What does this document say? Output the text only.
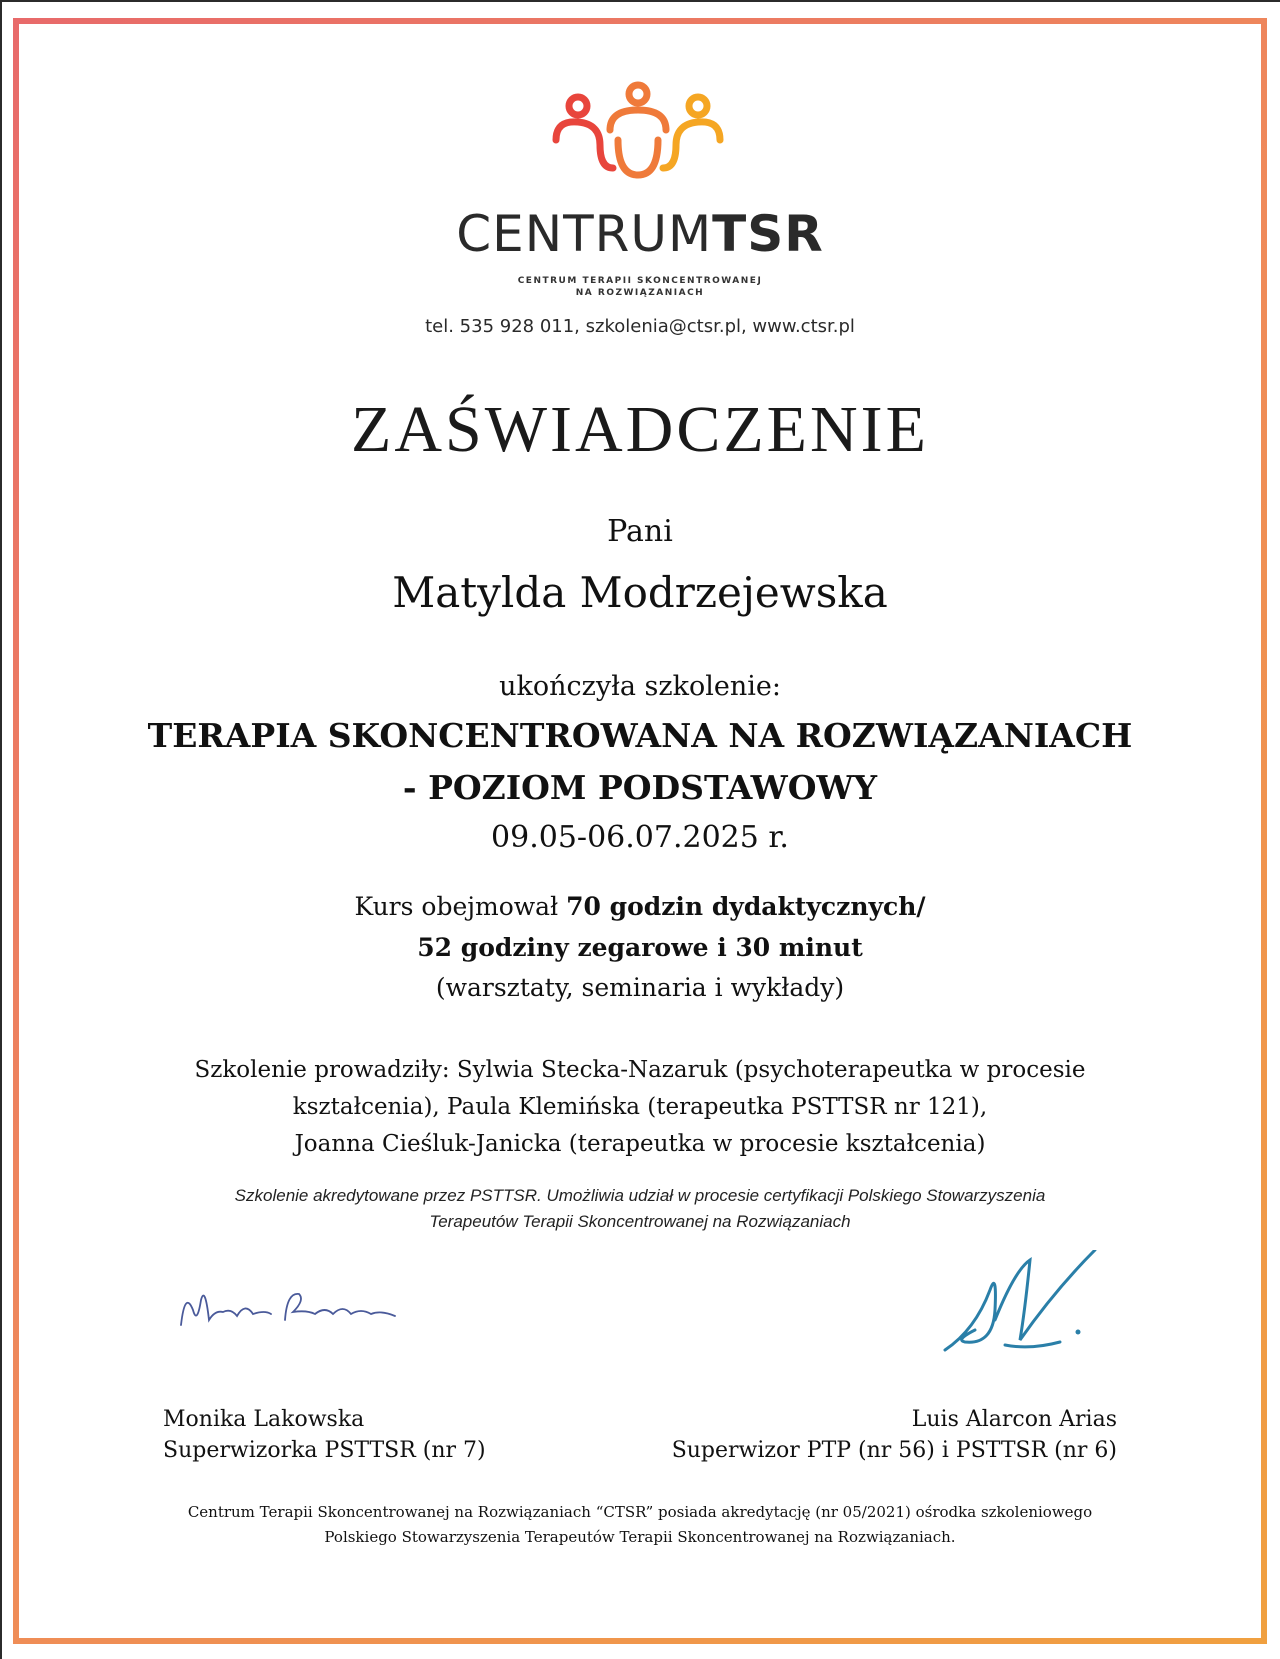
CENTRUMTSR
CENTRUM TERAPII SKONCENTROWANEJ
NA ROZWIĄZANIACH
tel. 535 928 011, szkolenia@ctsr.pl, www.ctsr.pl
ZAŚWIADCZENIE
Pani
Matylda Modrzejewska
ukończyła szkolenie:
TERAPIA SKONCENTROWANA NA ROZWIĄZANIACH
- POZIOM PODSTAWOWY
09.05-06.07.2025 r.
Kurs obejmował 70 godzin dydaktycznych/
52 godziny zegarowe i 30 minut
(warsztaty, seminaria i wykłady)
Szkolenie prowadziły: Sylwia Stecka-Nazaruk (psychoterapeutka w procesie
kształcenia), Paula Klemińska (terapeutka PSTTSR nr 121),
Joanna Cieśluk-Janicka (terapeutka w procesie kształcenia)
Szkolenie akredytowane przez PSTTSR. Umożliwia udział w procesie certyfikacji Polskiego Stowarzyszenia
Terapeutów Terapii Skoncentrowanej na Rozwiązaniach
Monika Lakowska
Superwizorka PSTTSR (nr 7)
Luis Alarcon Arias
Superwizor PTP (nr 56) i PSTTSR (nr 6)
Centrum Terapii Skoncentrowanej na Rozwiązaniach “CTSR” posiada akredytację (nr 05/2021) ośrodka szkoleniowego
Polskiego Stowarzyszenia Terapeutów Terapii Skoncentrowanej na Rozwiązaniach.
